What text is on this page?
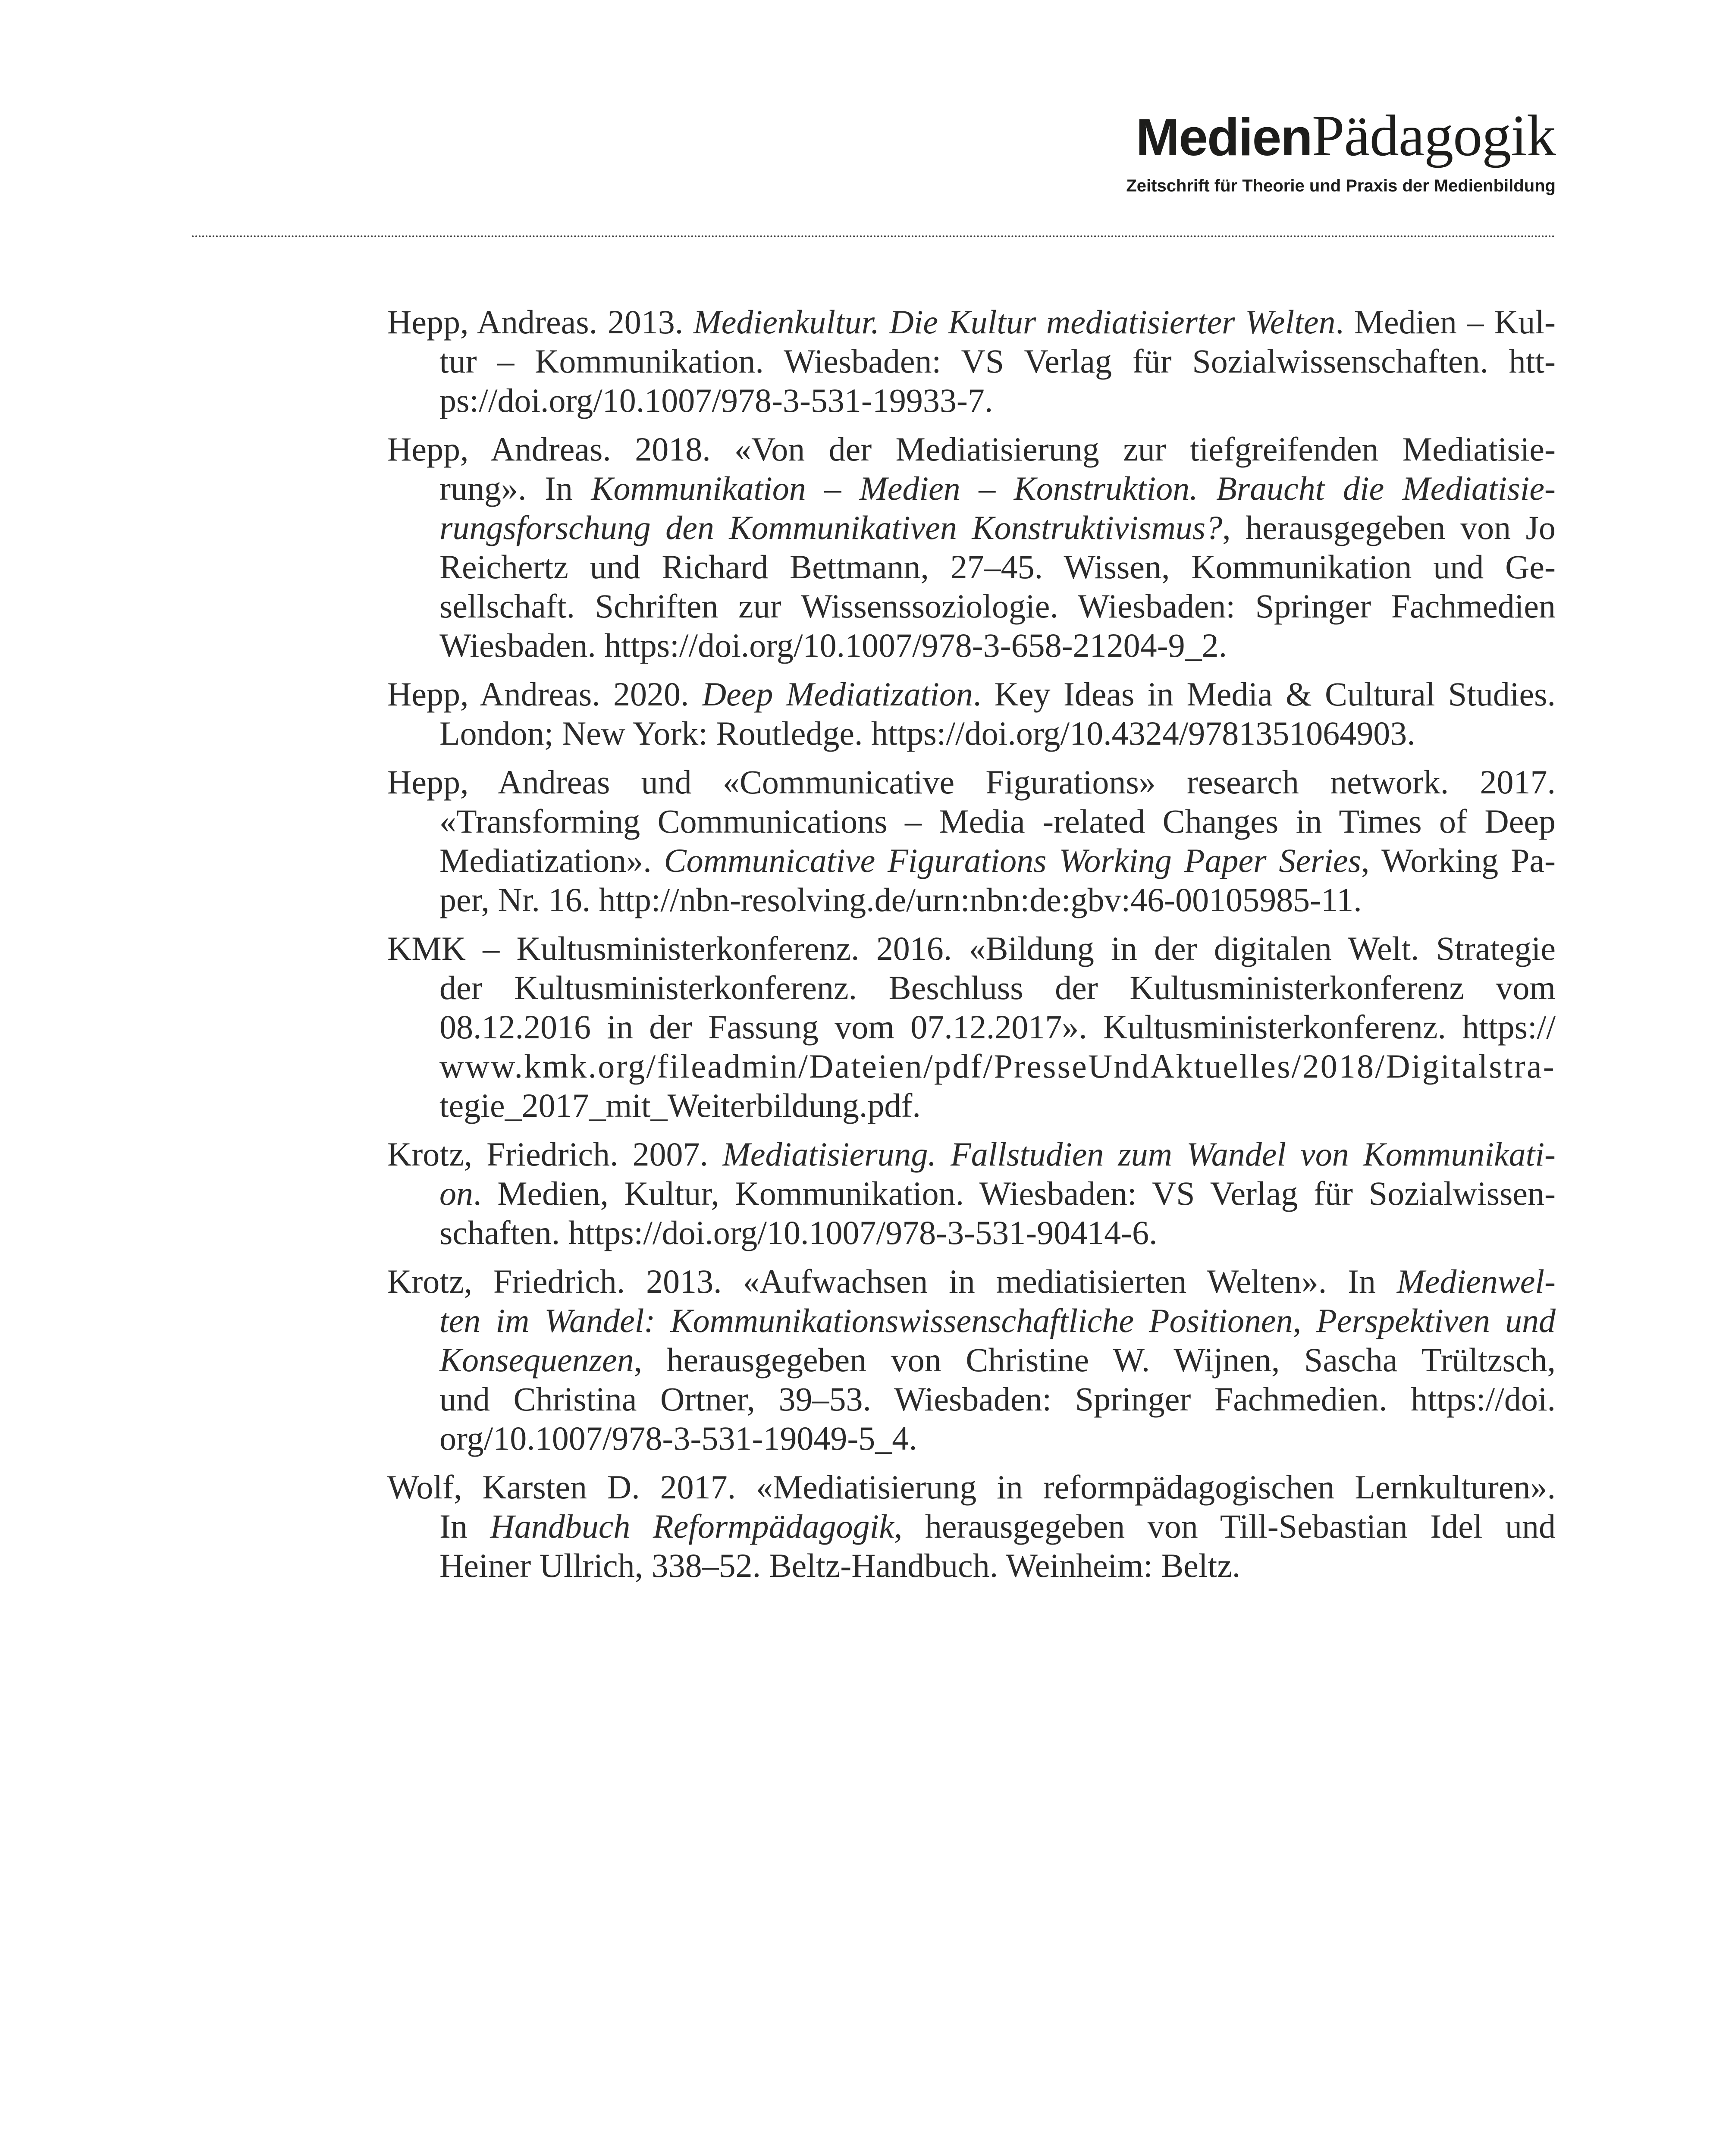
MedienPädagogik
Zeitschrift für Theorie und Praxis der Medienbildung
Hepp, Andreas. 2013. Medienkultur. Die Kultur mediatisierter Welten. Medien – Kul-
tur – Kommunikation. Wiesbaden: VS Verlag für Sozialwissenschaften. htt-
ps://doi.org/10.1007/978-3-531-19933-7.
Hepp, Andreas. 2018. «Von der Mediatisierung zur tiefgreifenden Mediatisie-
rung». In Kommunikation – Medien – Konstruktion. Braucht die Mediatisie-
rungsforschung den Kommunikativen Konstruktivismus?, herausgegeben von Jo
Reichertz und Richard Bettmann, 27–45. Wissen, Kommunikation und Ge-
sellschaft. Schriften zur Wissenssoziologie. Wiesbaden: Springer Fachmedien
Wiesbaden. https://doi.org/10.1007/978-3-658-21204-9_2.
Hepp, Andreas. 2020. Deep Mediatization. Key Ideas in Media & Cultural Studies.
London; New York: Routledge. https://doi.org/10.4324/9781351064903.
Hepp, Andreas und «Communicative Figurations» research network. 2017.
«Transforming Communications – Media -related Changes in Times of Deep
Mediatization». Communicative Figurations Working Paper Series, Working Pa-
per, Nr. 16. http://nbn-resolving.de/urn:nbn:de:gbv:46-00105985-11.
KMK – Kultusministerkonferenz. 2016. «Bildung in der digitalen Welt. Strategie
der Kultusministerkonferenz. Beschluss der Kultusministerkonferenz vom
08.12.2016 in der Fassung vom 07.12.2017». Kultusministerkonferenz. https://
www.kmk.org/fileadmin/Dateien/pdf/PresseUndAktuelles/2018/Digitalstra-
tegie_2017_mit_Weiterbildung.pdf.
Krotz, Friedrich. 2007. Mediatisierung. Fallstudien zum Wandel von Kommunikati-
on. Medien, Kultur, Kommunikation. Wiesbaden: VS Verlag für Sozialwissen-
schaften. https://doi.org/10.1007/978-3-531-90414-6.
Krotz, Friedrich. 2013. «Aufwachsen in mediatisierten Welten». In Medienwel-
ten im Wandel: Kommunikationswissenschaftliche Positionen, Perspektiven und
Konsequenzen, herausgegeben von Christine W. Wijnen, Sascha Trültzsch,
und Christina Ortner, 39–53. Wiesbaden: Springer Fachmedien. https://doi.
org/10.1007/978-3-531-19049-5_4.
Wolf, Karsten D. 2017. «Mediatisierung in reformpädagogischen Lernkulturen».
In Handbuch Reformpädagogik, herausgegeben von Till-Sebastian Idel und
Heiner Ullrich, 338–52. Beltz-Handbuch. Weinheim: Beltz.
